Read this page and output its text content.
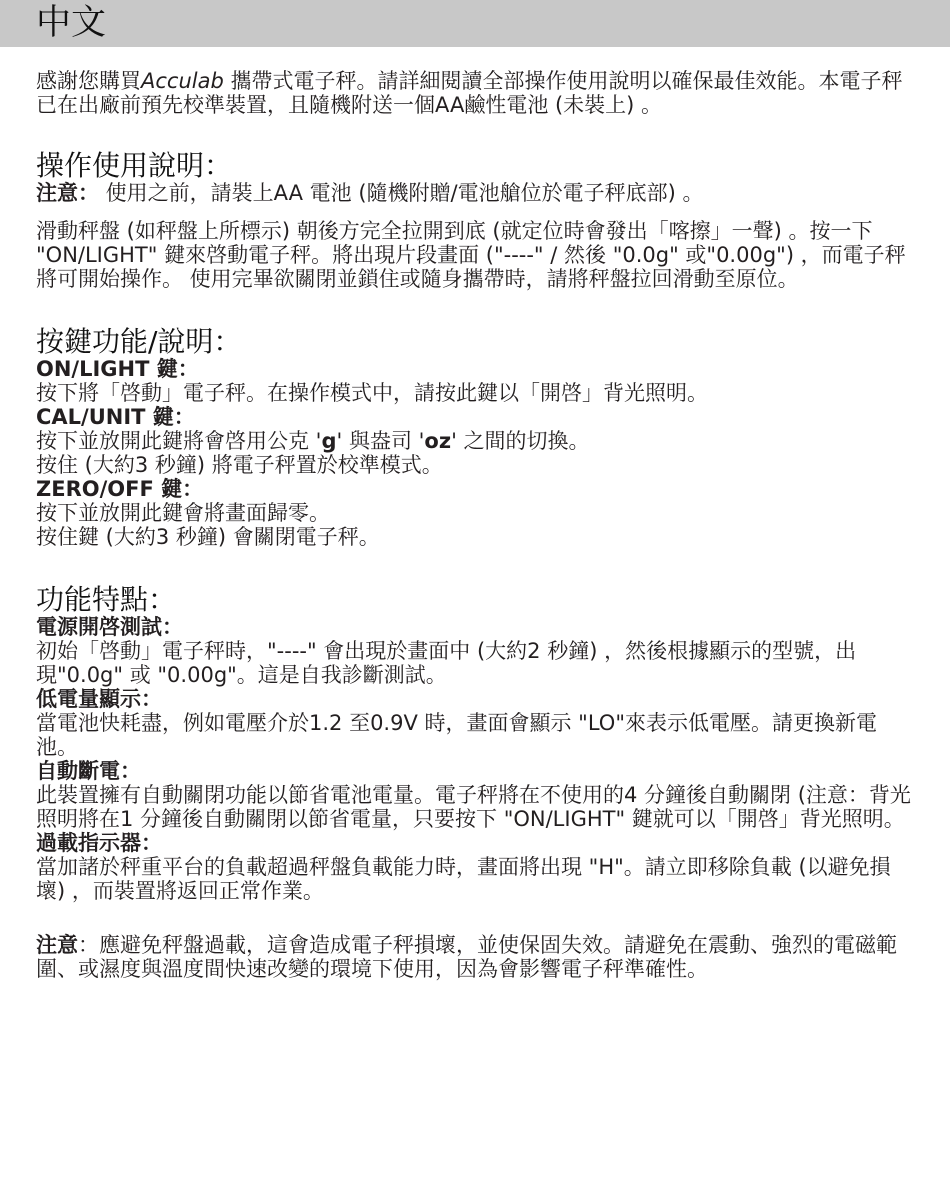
中文

感謝您購買Acculab 攜帶式電子秤。請詳細閱讀全部操作使用說明以確保最佳效能。本電子秤已在出廠前預先校準裝置，且隨機附送一個AA鹼性電池 (未裝上) 。

操作使用說明：

注意： 使用之前，請裝上AA 電池 (隨機附贈/電池艙位於電子秤底部) 。

滑動秤盤 (如秤盤上所標示) 朝後方完全拉開到底 (就定位時會發出「喀擦」一聲) 。按一下 "ON/LIGHT" 鍵來啓動電子秤。將出現片段畫面 ("----" / 然後 "0.0g" 或"0.00g") ，而電子秤將可開始操作。 使用完畢欲關閉並鎖住或隨身攜帶時，請將秤盤拉回滑動至原位。

按鍵功能/說明：

ON/LIGHT 鍵：

按下將「啓動」電子秤。在操作模式中，請按此鍵以「開啓」背光照明。

CAL/UNIT 鍵：

按下並放開此鍵將會啓用公克 'g' 與盎司 'oz' 之間的切換。

按住 (大約3 秒鐘) 將電子秤置於校準模式。

ZERO/OFF 鍵：

按下並放開此鍵會將畫面歸零。

按住鍵 (大約3 秒鐘) 會關閉電子秤。

功能特點：

電源開啓測試：

初始「啓動」電子秤時，"----" 會出現於畫面中 (大約2 秒鐘) ，然後根據顯示的型號，出現"0.0g" 或 "0.00g"。這是自我診斷測試。

低電量顯示：

當電池快耗盡，例如電壓介於1.2 至0.9V 時，畫面會顯示 "LO"來表示低電壓。請更換新電池。

自動斷電：

此裝置擁有自動關閉功能以節省電池電量。電子秤將在不使用的4 分鐘後自動關閉 (注意：背光照明將在1 分鐘後自動關閉以節省電量，只要按下 "ON/LIGHT" 鍵就可以「開啓」背光照明。

過載指示器：

當加諸於秤重平台的負載超過秤盤負載能力時，畫面將出現 "H"。請立即移除負載 (以避免損壞) ，而裝置將返回正常作業。

注意：應避免秤盤過載，這會造成電子秤損壞，並使保固失效。請避免在震動、強烈的電磁範圍、或濕度與溫度間快速改變的環境下使用，因為會影響電子秤準確性。
